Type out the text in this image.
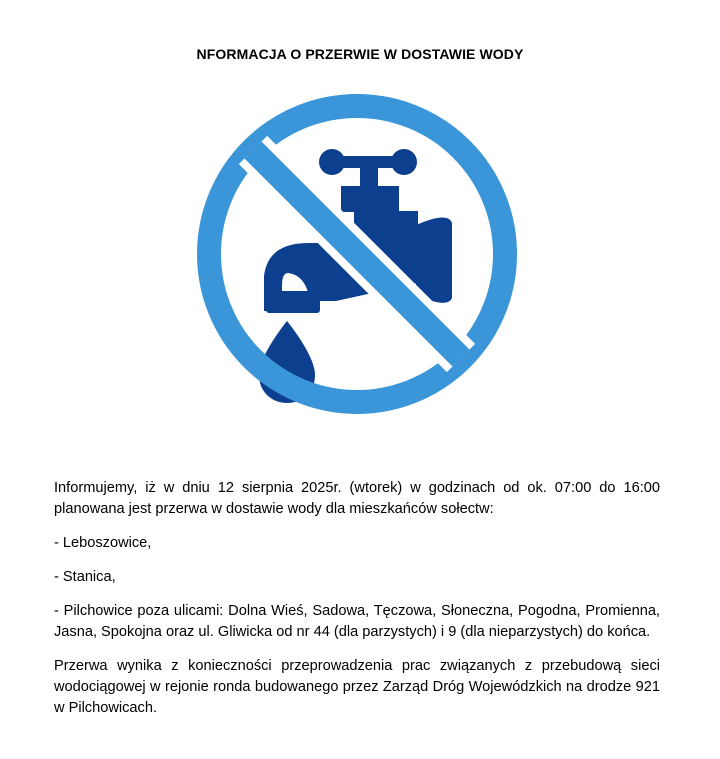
NFORMACJA O PRZERWIE W DOSTAWIE WODY

Informujemy, iż w dniu 12 sierpnia 2025r. (wtorek) w godzinach od ok. 07:00 do 16:00 planowana jest przerwa w dostawie wody dla mieszkańców sołectw:

- Leboszowice,

- Stanica,

- Pilchowice poza ulicami: Dolna Wieś, Sadowa, Tęczowa, Słoneczna, Pogodna, Promienna, Jasna, Spokojna oraz ul. Gliwicka od nr 44 (dla parzystych) i 9 (dla nieparzystych) do końca.

Przerwa wynika z konieczności przeprowadzenia prac związanych z przebudową sieci wodociągowej w rejonie ronda budowanego przez Zarząd Dróg Wojewódzkich na drodze 921 w Pilchowicach.
